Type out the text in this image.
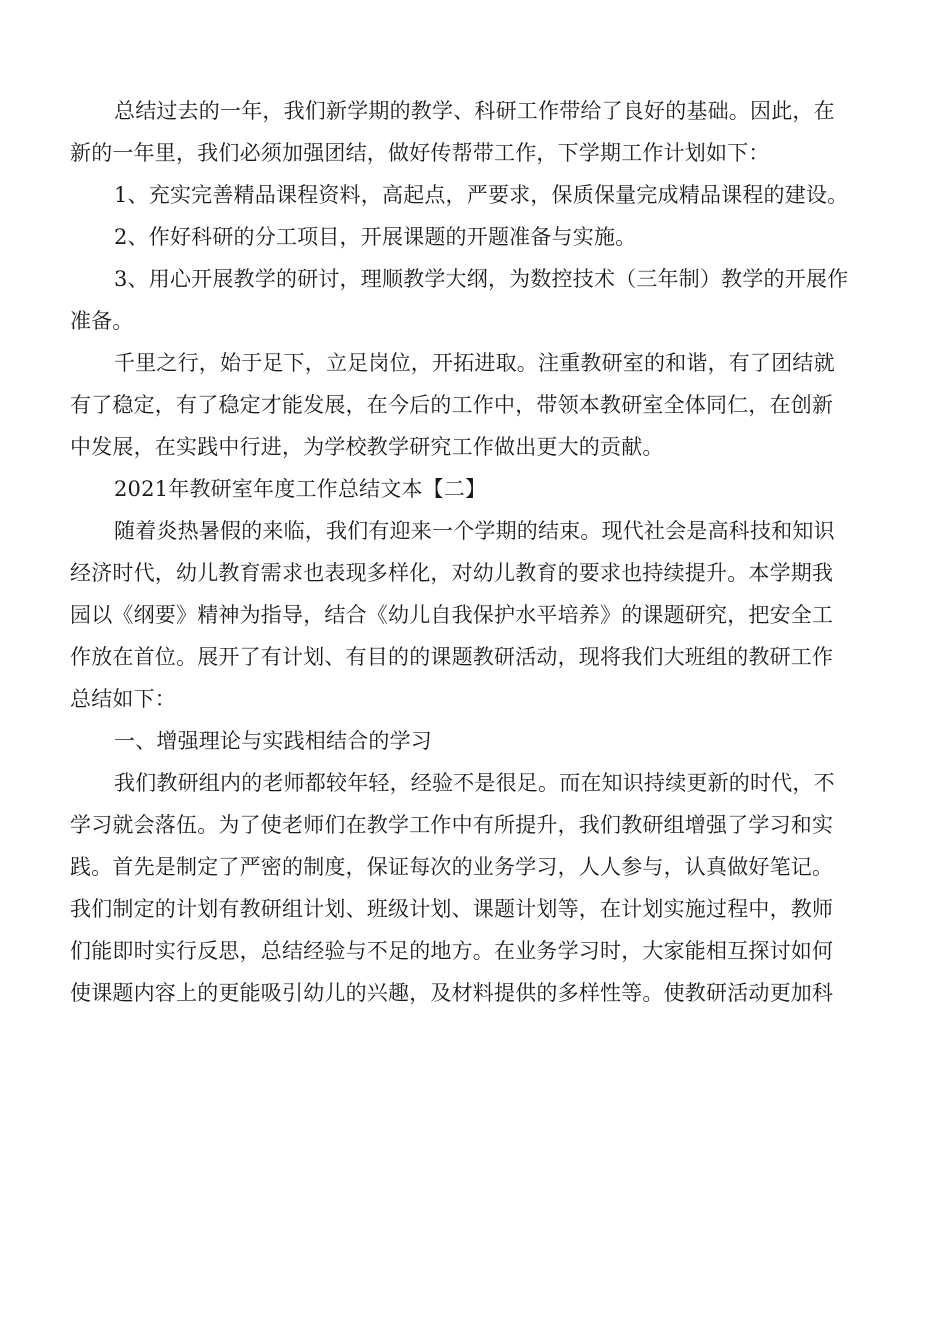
总结过去的一年，我们新学期的教学、科研工作带给了良好的基础。因此，在
新的一年里，我们必须加强团结，做好传帮带工作，下学期工作计划如下：
1、充实完善精品课程资料，高起点，严要求，保质保量完成精品课程的建设。
2、作好科研的分工项目，开展课题的开题准备与实施。
3、用心开展教学的研讨，理顺教学大纲，为数控技术（三年制）教学的开展作
准备。
千里之行，始于足下，立足岗位，开拓进取。注重教研室的和谐，有了团结就
有了稳定，有了稳定才能发展，在今后的工作中，带领本教研室全体同仁，在创新
中发展，在实践中行进，为学校教学研究工作做出更大的贡献。
2021年教研室年度工作总结文本【二】
随着炎热暑假的来临，我们有迎来一个学期的结束。现代社会是高科技和知识
经济时代，幼儿教育需求也表现多样化，对幼儿教育的要求也持续提升。本学期我
园以《纲要》精神为指导，结合《幼儿自我保护水平培养》的课题研究，把安全工
作放在首位。展开了有计划、有目的的课题教研活动，现将我们大班组的教研工作
总结如下：
一、增强理论与实践相结合的学习
我们教研组内的老师都较年轻，经验不是很足。而在知识持续更新的时代，不
学习就会落伍。为了使老师们在教学工作中有所提升，我们教研组增强了学习和实
践。首先是制定了严密的制度，保证每次的业务学习，人人参与，认真做好笔记。
我们制定的计划有教研组计划、班级计划、课题计划等，在计划实施过程中，教师
们能即时实行反思，总结经验与不足的地方。在业务学习时，大家能相互探讨如何
使课题内容上的更能吸引幼儿的兴趣，及材料提供的多样性等。使教研活动更加科
